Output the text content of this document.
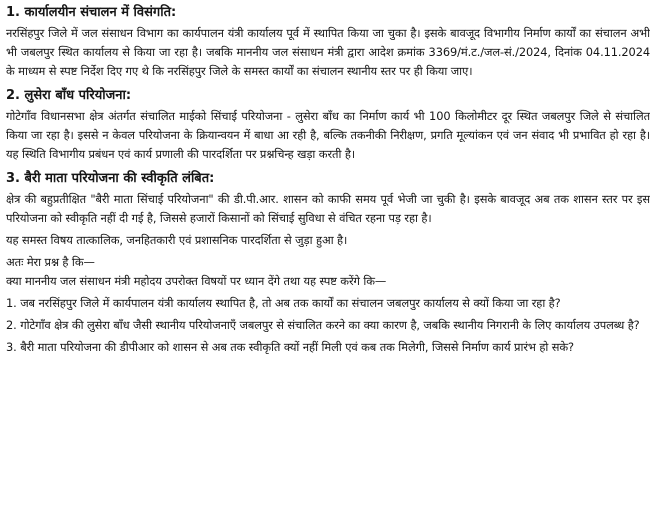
1. कार्यालयीन संचालन में विसंगति:

नरसिंहपुर जिले में जल संसाधन विभाग का कार्यपालन यंत्री कार्यालय पूर्व में स्थापित किया जा चुका है। इसके बावजूद विभागीय निर्माण कार्यों का संचालन अभी भी जबलपुर स्थित कार्यालय से किया जा रहा है। जबकि माननीय जल संसाधन मंत्री द्वारा आदेश क्रमांक 3369/मं.ट./जल-सं./2024, दिनांक 04.11.2024 के माध्यम से स्पष्ट निर्देश दिए गए थे कि नरसिंहपुर जिले के समस्त कार्यों का संचालन स्थानीय स्तर पर ही किया जाए।

2. लुसेरा बाँध परियोजना:

गोटेगाँव विधानसभा क्षेत्र अंतर्गत संचालित माईको सिंचाई परियोजना - लुसेरा बाँध का निर्माण कार्य भी 100 किलोमीटर दूर स्थित जबलपुर जिले से संचालित किया जा रहा है। इससे न केवल परियोजना के क्रियान्वयन में बाधा आ रही है, बल्कि तकनीकी निरीक्षण, प्रगति मूल्यांकन एवं जन संवाद भी प्रभावित हो रहा है। यह स्थिति विभागीय प्रबंधन एवं कार्य प्रणाली की पारदर्शिता पर प्रश्नचिन्ह खड़ा करती है।

3. बैरी माता परियोजना की स्वीकृति लंबित:

क्षेत्र की बहुप्रतीक्षित "बैरी माता सिंचाई परियोजना" की डी.पी.आर. शासन को काफी समय पूर्व भेजी जा चुकी है। इसके बावजूद अब तक शासन स्तर पर इस परियोजना को स्वीकृति नहीं दी गई है, जिससे हजारों किसानों को सिंचाई सुविधा से वंचित रहना पड़ रहा है।

यह समस्त विषय तात्कालिक, जनहितकारी एवं प्रशासनिक पारदर्शिता से जुड़ा हुआ है।

अतः मेरा प्रश्न है कि—

क्या माननीय जल संसाधन मंत्री महोदय उपरोक्त विषयों पर ध्यान देंगे तथा यह स्पष्ट करेंगे कि—

1. जब नरसिंहपुर जिले में कार्यपालन यंत्री कार्यालय स्थापित है, तो अब तक कार्यों का संचालन जबलपुर कार्यालय से क्यों किया जा रहा है?

2. गोटेगाँव क्षेत्र की लुसेरा बाँध जैसी स्थानीय परियोजनाएँ जबलपुर से संचालित करने का क्या कारण है, जबकि स्थानीय निगरानी के लिए कार्यालय उपलब्ध है?

3. बैरी माता परियोजना की डीपीआर को शासन से अब तक स्वीकृति क्यों नहीं मिली एवं कब तक मिलेगी, जिससे निर्माण कार्य प्रारंभ हो सके?
